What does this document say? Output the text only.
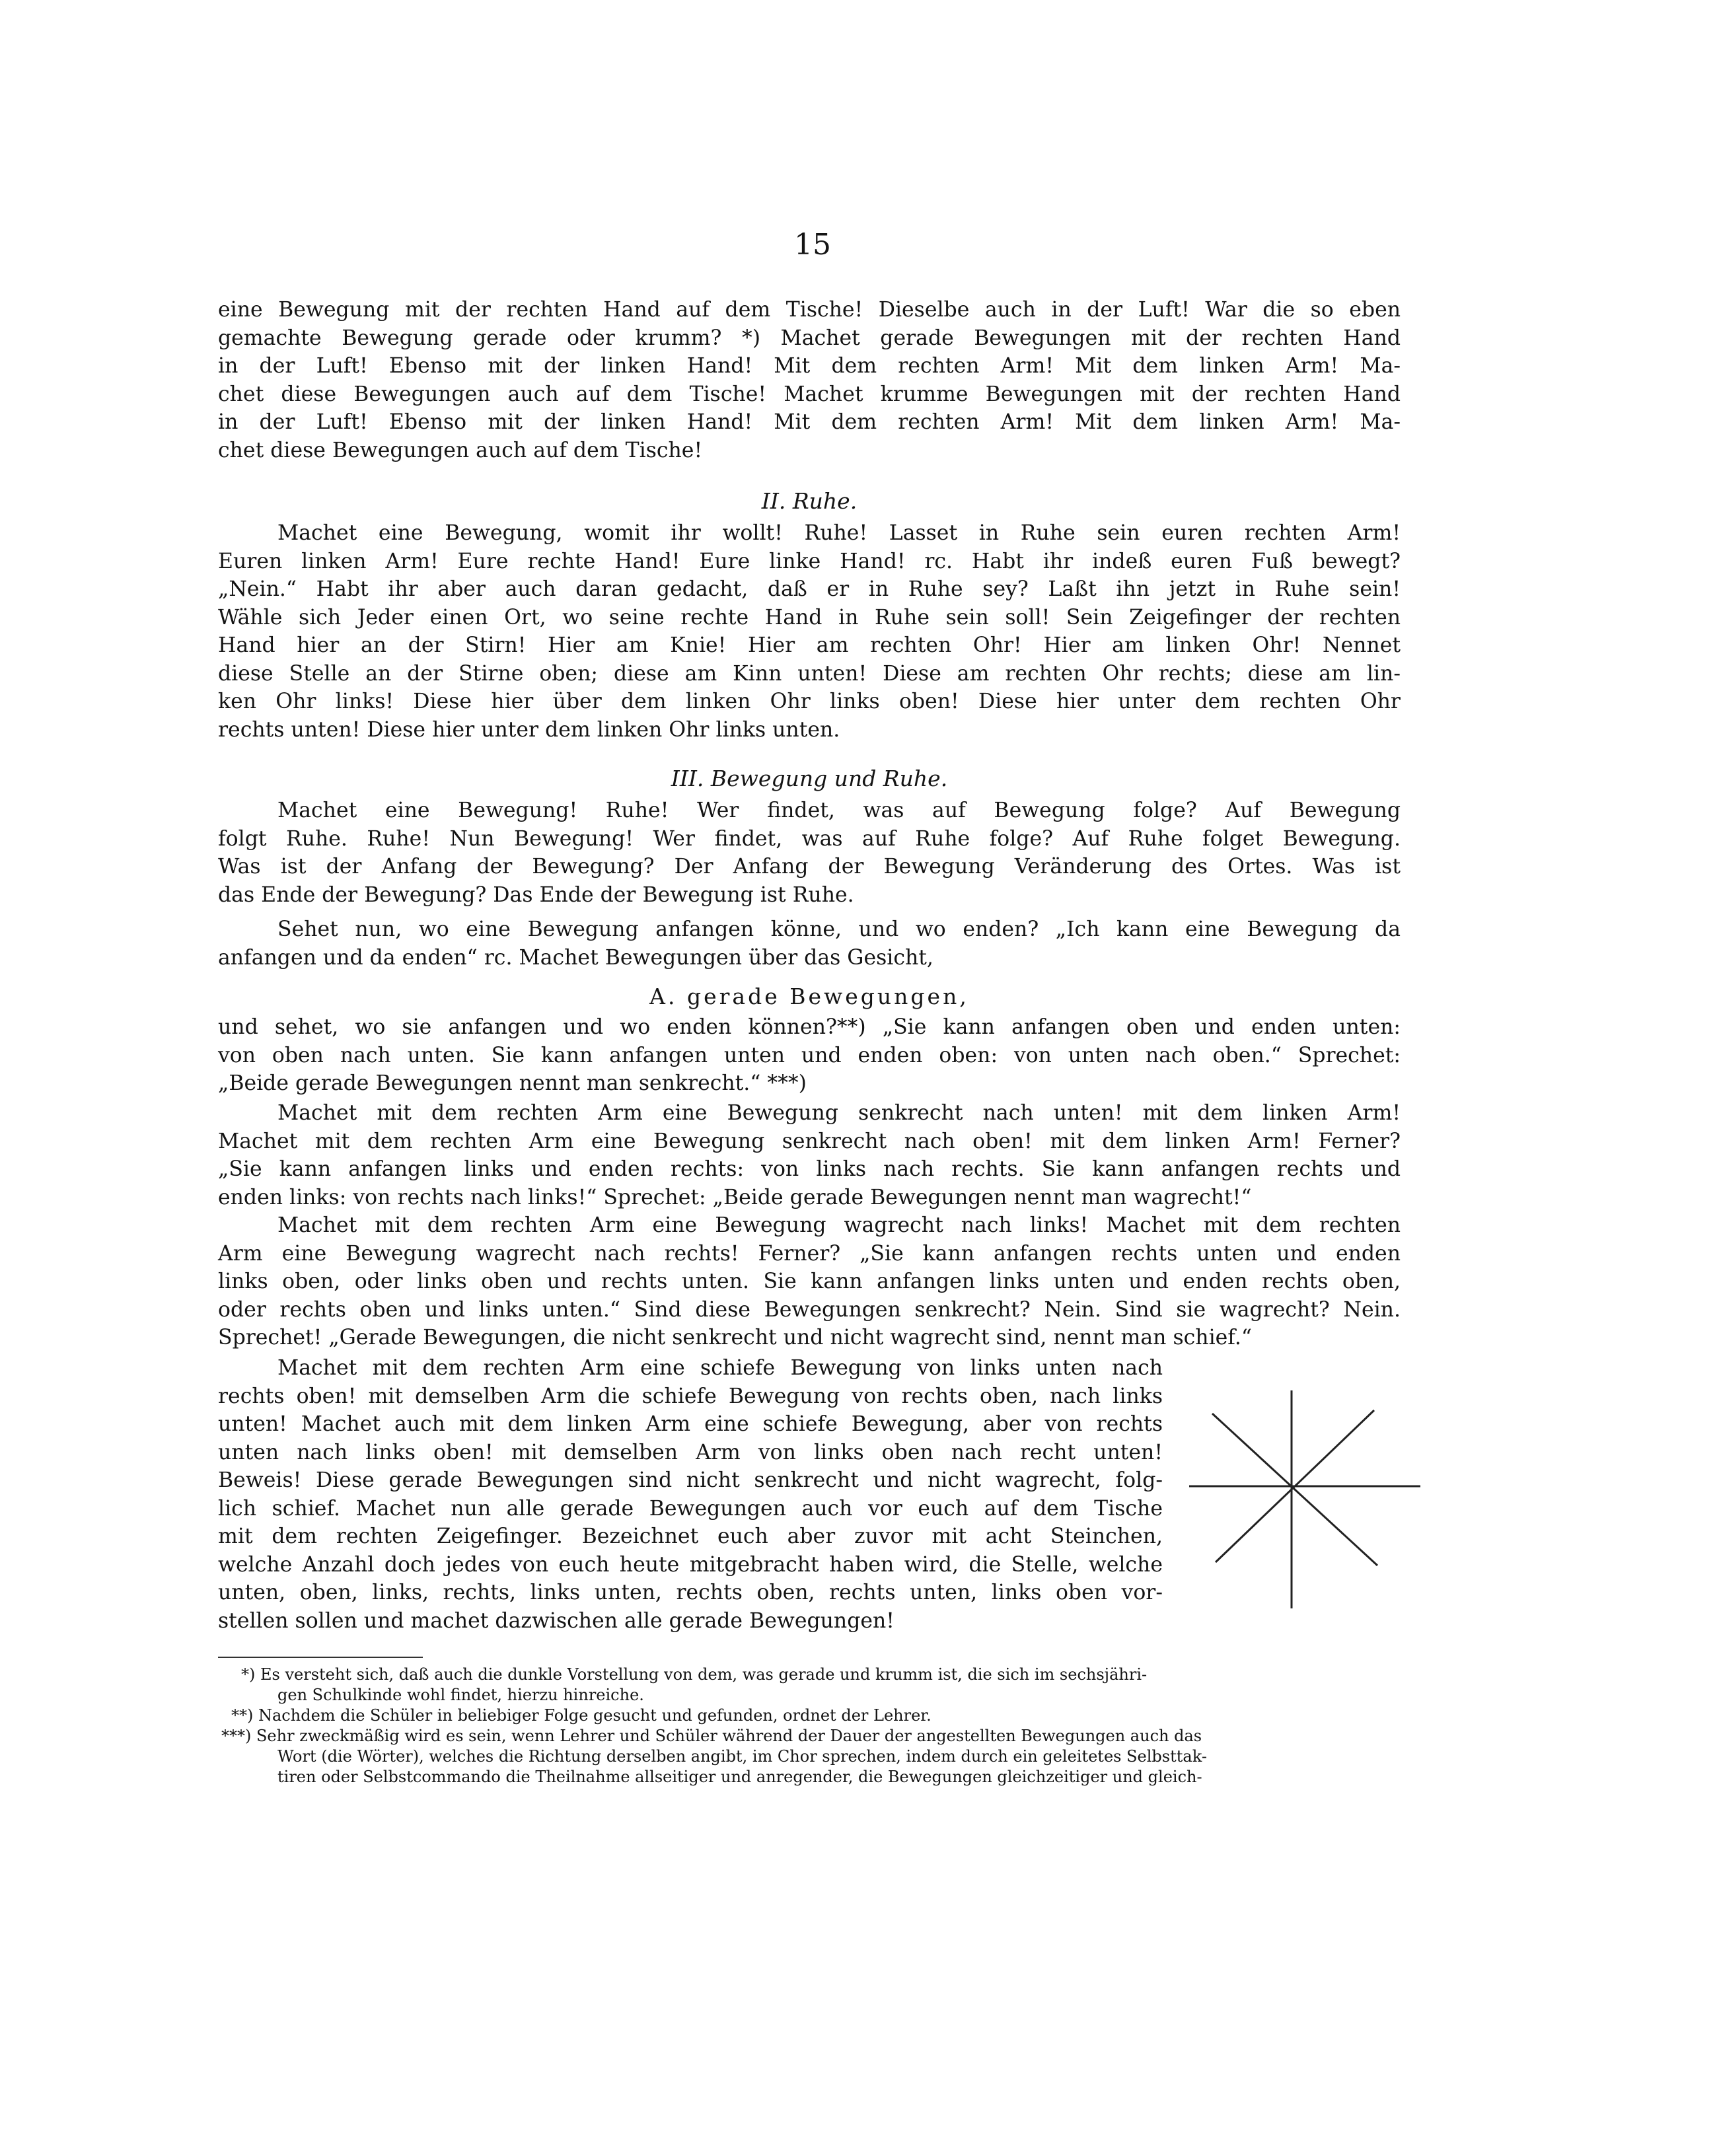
15

eine Bewegung mit der rechten Hand auf dem Tische! Dieselbe auch in der Luft! War die so eben
gemachte Bewegung gerade oder krumm? *) Machet gerade Bewegungen mit der rechten Hand
in der Luft! Ebenso mit der linken Hand! Mit dem rechten Arm! Mit dem linken Arm! Ma-
chet diese Bewegungen auch auf dem Tische! Machet krumme Bewegungen mit der rechten Hand
in der Luft! Ebenso mit der linken Hand! Mit dem rechten Arm! Mit dem linken Arm! Ma-
chet diese Bewegungen auch auf dem Tische!

II. Ruhe.

Machet eine Bewegung, womit ihr wollt! Ruhe! Lasset in Ruhe sein euren rechten Arm!
Euren linken Arm! Eure rechte Hand! Eure linke Hand! rc. Habt ihr indeß euren Fuß bewegt?
„Nein.“ Habt ihr aber auch daran gedacht, daß er in Ruhe sey? Laßt ihn jetzt in Ruhe sein!
Wähle sich Jeder einen Ort, wo seine rechte Hand in Ruhe sein soll! Sein Zeigefinger der rechten
Hand hier an der Stirn! Hier am Knie! Hier am rechten Ohr! Hier am linken Ohr! Nennet
diese Stelle an der Stirne oben; diese am Kinn unten! Diese am rechten Ohr rechts; diese am lin-
ken Ohr links! Diese hier über dem linken Ohr links oben! Diese hier unter dem rechten Ohr
rechts unten! Diese hier unter dem linken Ohr links unten.

III. Bewegung und Ruhe.

Machet eine Bewegung! Ruhe! Wer findet, was auf Bewegung folge? Auf Bewegung
folgt Ruhe. Ruhe! Nun Bewegung! Wer findet, was auf Ruhe folge? Auf Ruhe folget Bewegung.
Was ist der Anfang der Bewegung? Der Anfang der Bewegung Veränderung des Ortes. Was ist
das Ende der Bewegung? Das Ende der Bewegung ist Ruhe.

Sehet nun, wo eine Bewegung anfangen könne, und wo enden? „Ich kann eine Bewegung da
anfangen und da enden“ rc. Machet Bewegungen über das Gesicht,

A. gerade Bewegungen,

und sehet, wo sie anfangen und wo enden können?**) „Sie kann anfangen oben und enden unten:
von oben nach unten. Sie kann anfangen unten und enden oben: von unten nach oben.“ Sprechet:
„Beide gerade Bewegungen nennt man senkrecht.“ ***)

Machet mit dem rechten Arm eine Bewegung senkrecht nach unten! mit dem linken Arm!
Machet mit dem rechten Arm eine Bewegung senkrecht nach oben! mit dem linken Arm! Ferner?
„Sie kann anfangen links und enden rechts: von links nach rechts. Sie kann anfangen rechts und
enden links: von rechts nach links!“ Sprechet: „Beide gerade Bewegungen nennt man wagrecht!“

Machet mit dem rechten Arm eine Bewegung wagrecht nach links! Machet mit dem rechten
Arm eine Bewegung wagrecht nach rechts! Ferner? „Sie kann anfangen rechts unten und enden
links oben, oder links oben und rechts unten. Sie kann anfangen links unten und enden rechts oben,
oder rechts oben und links unten.“ Sind diese Bewegungen senkrecht? Nein. Sind sie wagrecht? Nein.
Sprechet! „Gerade Bewegungen, die nicht senkrecht und nicht wagrecht sind, nennt man schief.“

Machet mit dem rechten Arm eine schiefe Bewegung von links unten nach
rechts oben! mit demselben Arm die schiefe Bewegung von rechts oben, nach links
unten! Machet auch mit dem linken Arm eine schiefe Bewegung, aber von rechts
unten nach links oben! mit demselben Arm von links oben nach recht unten!
Beweis! Diese gerade Bewegungen sind nicht senkrecht und nicht wagrecht, folg-
lich schief. Machet nun alle gerade Bewegungen auch vor euch auf dem Tische
mit dem rechten Zeigefinger. Bezeichnet euch aber zuvor mit acht Steinchen,
welche Anzahl doch jedes von euch heute mitgebracht haben wird, die Stelle, welche
unten, oben, links, rechts, links unten, rechts oben, rechts unten, links oben vor-
stellen sollen und machet dazwischen alle gerade Bewegungen!

*) Es versteht sich, daß auch die dunkle Vorstellung von dem, was gerade und krumm ist, die sich im sechsjähri-
gen Schulkinde wohl findet, hierzu hinreiche.
**) Nachdem die Schüler in beliebiger Folge gesucht und gefunden, ordnet der Lehrer.
***) Sehr zweckmäßig wird es sein, wenn Lehrer und Schüler während der Dauer der angestellten Bewegungen auch das
Wort (die Wörter), welches die Richtung derselben angibt, im Chor sprechen, indem durch ein geleitetes Selbsttak-
tiren oder Selbstcommando die Theilnahme allseitiger und anregender, die Bewegungen gleichzeitiger und gleich-
